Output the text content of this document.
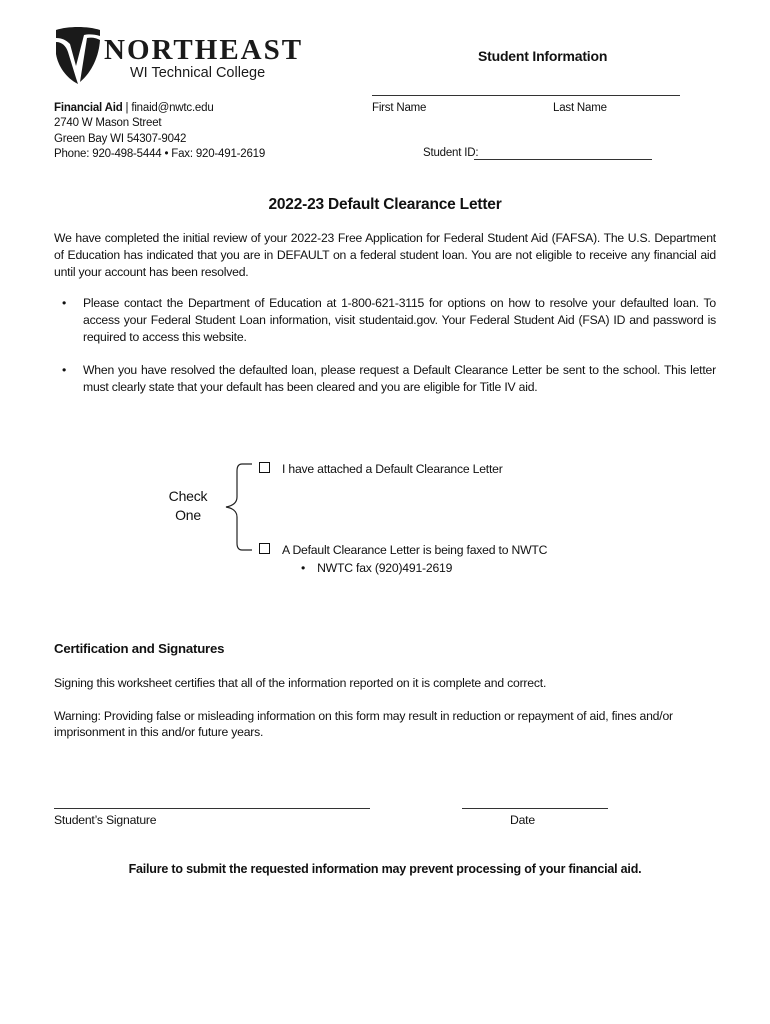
NORTHEAST
WI Technical College
Student Information
First Name	Last Name
Student ID:
Financial Aid | finaid@nwtc.edu
2740 W Mason Street
Green Bay WI 54307-9042
Phone: 920-498-5444 • Fax: 920-491-2619
2022-23 Default Clearance Letter
We have completed the initial review of your 2022-23 Free Application for Federal Student Aid (FAFSA). The U.S. Department of Education has indicated that you are in DEFAULT on a federal student loan. You are not eligible to receive any financial aid until your account has been resolved.
•	Please contact the Department of Education at 1-800-621-3115 for options on how to resolve your defaulted loan. To access your Federal Student Loan information, visit studentaid.gov. Your Federal Student Aid (FSA) ID and password is required to access this website.
•	When you have resolved the defaulted loan, please request a Default Clearance Letter be sent to the school. This letter must clearly state that your default has been cleared and you are eligible for Title IV aid.
Check
One
I have attached a Default Clearance Letter
A Default Clearance Letter is being faxed to NWTC
• NWTC fax (920)491-2619
Certification and Signatures
Signing this worksheet certifies that all of the information reported on it is complete and correct.
Warning: Providing false or misleading information on this form may result in reduction or repayment of aid, fines and/or imprisonment in this and/or future years.
Student’s Signature	Date
Failure to submit the requested information may prevent processing of your financial aid.
